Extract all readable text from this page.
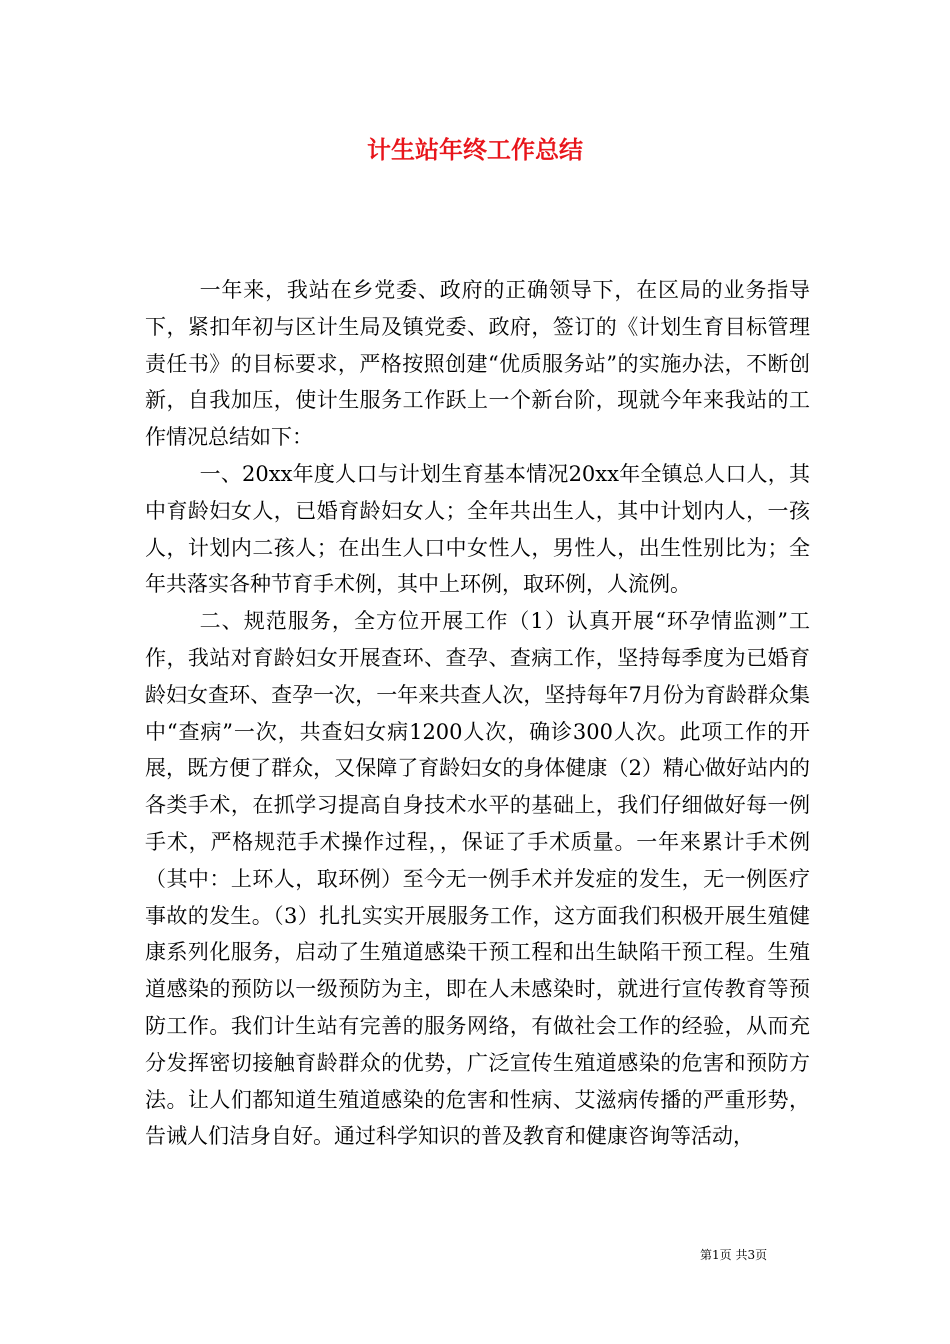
计生站年终工作总结

一年来，我站在乡党委、政府的正确领导下，在区局的业务指导下，紧扣年初与区计生局及镇党委、政府，签订的《计划生育目标管理责任书》的目标要求，严格按照创建“优质服务站”的实施办法，不断创新，自我加压，使计生服务工作跃上一个新台阶，现就今年来我站的工作情况总结如下：

一、20xx年度人口与计划生育基本情况20xx年全镇总人口人，其中育龄妇女人，已婚育龄妇女人；全年共出生人，其中计划内人，一孩人，计划内二孩人；在出生人口中女性人，男性人，出生性别比为；全年共落实各种节育手术例，其中上环例，取环例，人流例。

二、规范服务，全方位开展工作（1）认真开展“环孕情监测”工作，我站对育龄妇女开展查环、查孕、查病工作，坚持每季度为已婚育龄妇女查环、查孕一次，一年来共查人次，坚持每年7月份为育龄群众集中“查病”一次，共查妇女病1200人次，确诊300人次。此项工作的开展，既方便了群众，又保障了育龄妇女的身体健康（2）精心做好站内的各类手术，在抓学习提高自身技术水平的基础上，我们仔细做好每一例手术，严格规范手术操作过程，，保证了手术质量。一年来累计手术例（其中：上环人，取环例）至今无一例手术并发症的发生，无一例医疗事故的发生。（3）扎扎实实开展服务工作，这方面我们积极开展生殖健康系列化服务，启动了生殖道感染干预工程和出生缺陷干预工程。生殖道感染的预防以一级预防为主，即在人未感染时，就进行宣传教育等预防工作。我们计生站有完善的服务网络，有做社会工作的经验，从而充分发挥密切接触育龄群众的优势，广泛宣传生殖道感染的危害和预防方法。让人们都知道生殖道感染的危害和性病、艾滋病传播的严重形势，告诫人们洁身自好。通过科学知识的普及教育和健康咨询等活动，

第1页 共3页
